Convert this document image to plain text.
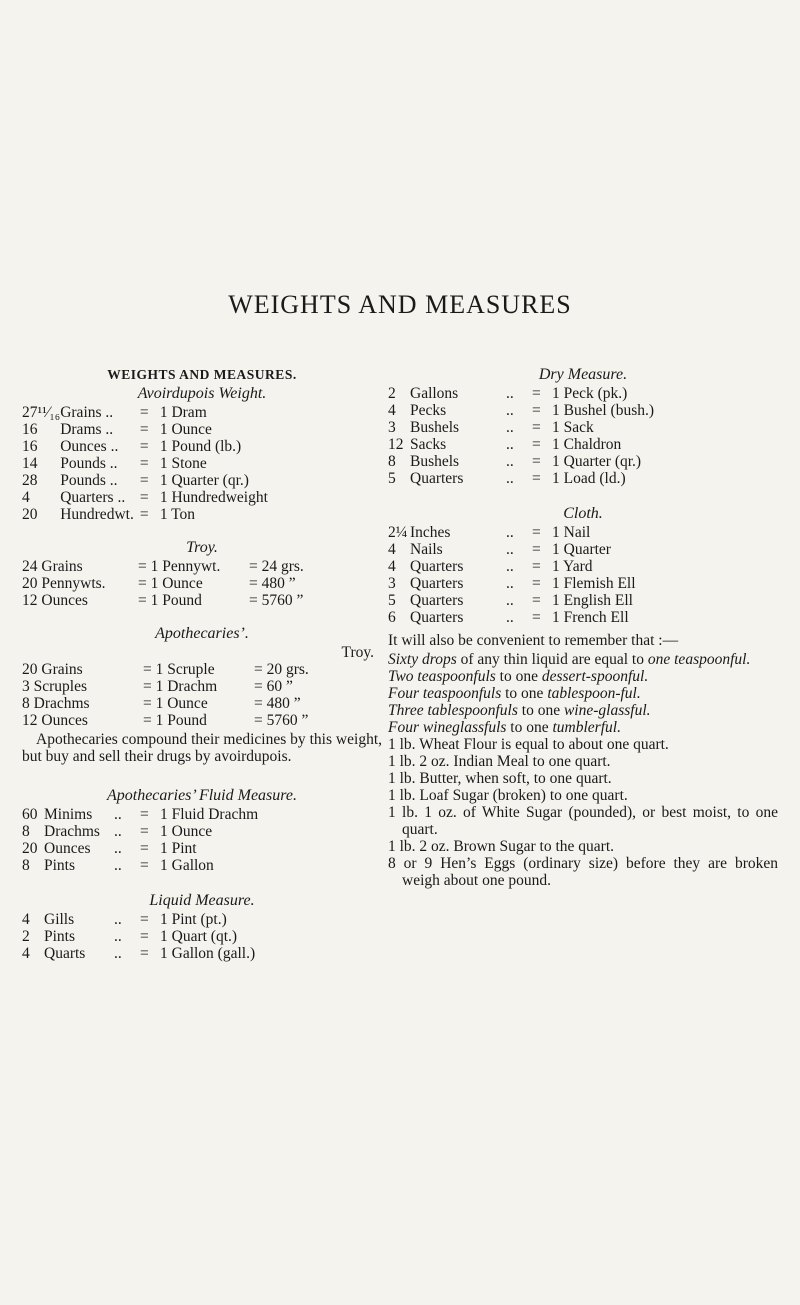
WEIGHTS AND MEASURES
WEIGHTS AND MEASURES.
Avoirdupois Weight.
27¹¹⁄₁₆	Grains ..	=	1 Dram
16	Drams ..	=	1 Ounce
16	Ounces ..	=	1 Pound (lb.)
14	Pounds ..	=	1 Stone
28	Pounds ..	=	1 Quarter (qr.)
4	Quarters ..	=	1 Hundredweight
20	Hundredwt.	=	1 Ton
Troy.
24 Grains	= 1 Pennywt.	= 24 grs.
20 Pennywts.	= 1 Ounce	= 480 ”
12 Ounces	= 1 Pound	= 5760 ”
Apothecaries’.
Troy.
20 Grains	= 1 Scruple	= 20 grs.
3 Scruples	= 1 Drachm	= 60 ”
8 Drachms	= 1 Ounce	= 480 ”
12 Ounces	= 1 Pound	= 5760 ”

Apothecaries compound their medicines by this weight, but buy and sell their drugs by avoirdupois.

Apothecaries’ Fluid Measure.
60	Minims	..	=	1 Fluid Drachm
8	Drachms	..	=	1 Ounce
20	Ounces	..	=	1 Pint
8	Pints	..	=	1 Gallon
Liquid Measure.
4	Gills	..	=	1 Pint (pt.)
2	Pints	..	=	1 Quart (qt.)
4	Quarts	..	=	1 Gallon (gall.)
Dry Measure.
2	Gallons	..	=	1 Peck (pk.)
4	Pecks	..	=	1 Bushel (bush.)
3	Bushels	..	=	1 Sack
12	Sacks	..	=	1 Chaldron
8	Bushels	..	=	1 Quarter (qr.)
5	Quarters	..	=	1 Load (ld.)
Cloth.
2¼	Inches	..	=	1 Nail
4	Nails	..	=	1 Quarter
4	Quarters	..	=	1 Yard
3	Quarters	..	=	1 Flemish Ell
5	Quarters	..	=	1 English Ell
6	Quarters	..	=	1 French Ell

It will also be convenient to remember that :—

Sixty drops of any thin liquid are equal to one teaspoonful.

Two teaspoonfuls to one dessert-spoonful.

Four teaspoonfuls to one tablespoon-ful.

Three tablespoonfuls to one wine-glassful.

Four wineglassfuls to one tumblerful.

1 lb. Wheat Flour is equal to about one quart.

1 lb. 2 oz. Indian Meal to one quart.

1 lb. Butter, when soft, to one quart.

1 lb. Loaf Sugar (broken) to one quart.

1 lb. 1 oz. of White Sugar (pounded), or best moist, to one quart.

1 lb. 2 oz. Brown Sugar to the quart.

8 or 9 Hen’s Eggs (ordinary size) before they are broken weigh about one pound.
